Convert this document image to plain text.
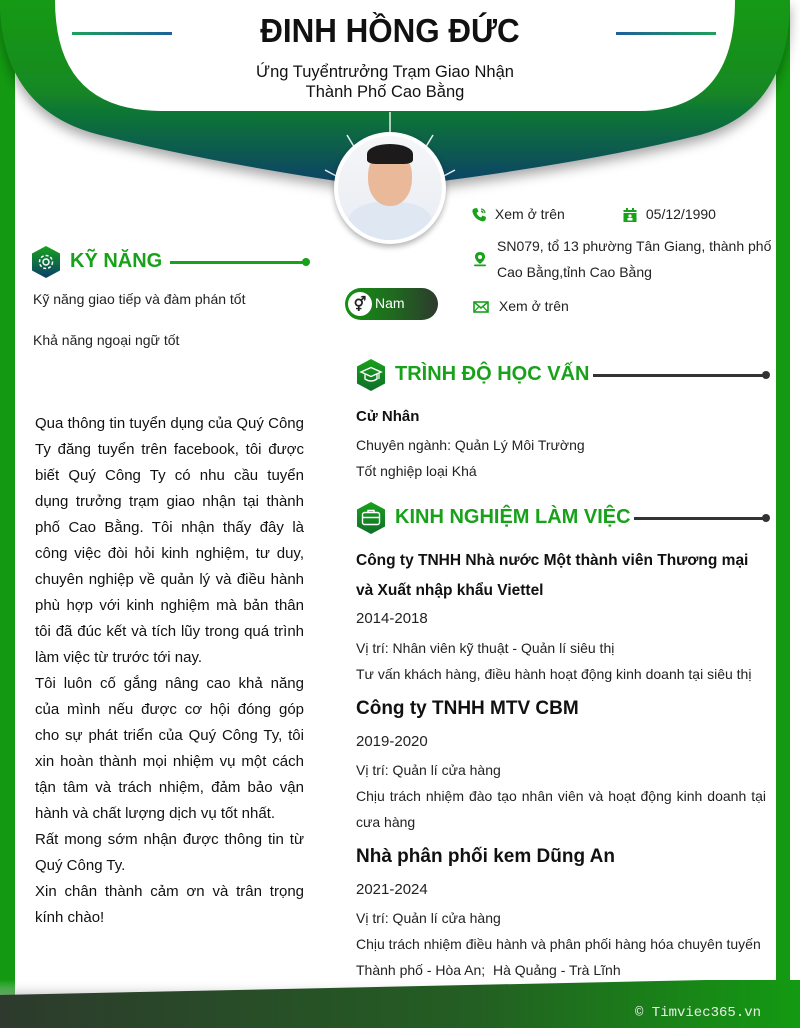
ĐINH HỒNG ĐỨC
Ứng Tuyểntrưởng Trạm Giao Nhận
Thành Phố Cao Bằng
Xem ở trên	05/12/1990
SN079, tổ 13 phường Tân Giang, thành phố
Cao Bằng,tỉnh Cao Bằng
Xem ở trên
⚥ Nam
KỸ NĂNG
Kỹ năng giao tiếp và đàm phán tốt
Khả năng ngoại ngữ tốt

Qua thông tin tuyển dụng của Quý Công Ty đăng tuyển trên facebook, tôi được biết Quý Công Ty có nhu cầu tuyển dụng trưởng trạm giao nhận tại thành phố Cao Bằng. Tôi nhận thấy đây là công việc đòi hỏi kinh nghiệm, tư duy, chuyên nghiệp về quản lý và điều hành phù hợp với kinh nghiệm mà bản thân tôi đã đúc kết và tích lũy trong quá trình làm việc từ trước tới nay.

Tôi luôn cố gắng nâng cao khả năng của mình nếu được cơ hội đóng góp cho sự phát triển của Quý Công Ty, tôi xin hoàn thành mọi nhiệm vụ một cách tận tâm và trách nhiệm, đảm bảo vận hành và chất lượng dịch vụ tốt nhất.

Rất mong sớm nhận được thông tin từ Quý Công Ty.

Xin chân thành cảm ơn và trân trọng kính chào!

TRÌNH ĐỘ HỌC VẤN
Cử Nhân
Chuyên ngành: Quản Lý Môi Trường
Tốt nghiệp loại Khá
KINH NGHIỆM LÀM VIỆC
Công ty TNHH Nhà nước Một thành viên Thương mại và Xuất nhập khẩu Viettel
2014-2018
Vị trí: Nhân viên kỹ thuật - Quản lí siêu thị
Tư vấn khách hàng, điều hành hoạt động kinh doanh tại siêu thị
Công ty TNHH MTV CBM
2019-2020
Vị trí: Quản lí cửa hàng
Chịu trách nhiệm đào tạo nhân viên và hoạt động kinh doanh tại cưa hàng
Nhà phân phối kem Dũng An
2021-2024
Vị trí: Quản lí cửa hàng
Chịu trách nhiệm điều hành và phân phối hàng hóa chuyên tuyến Thành phố - Hòa An;  Hà Quảng - Trà Lĩnh
© Timviec365.vn
